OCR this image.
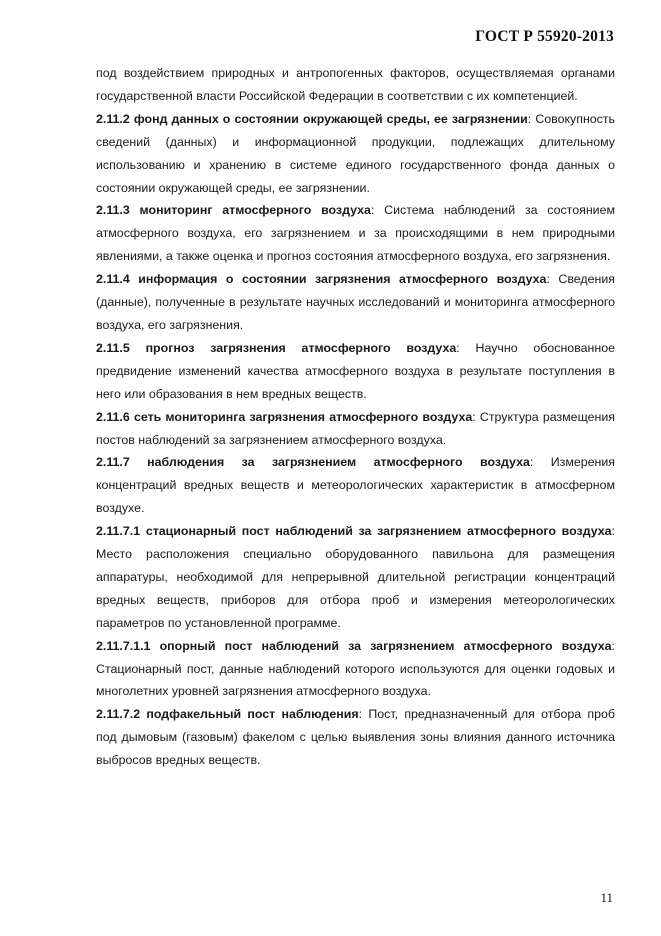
ГОСТ Р 55920-2013

под воздействием природных и антропогенных факторов, осуществляемая органами государственной власти Российской Федерации в соответствии с их компетенцией.

2.11.2 фонд данных о состоянии окружающей среды, ее загрязнении: Совокупность сведений (данных) и информационной продукции, подлежащих длительному использованию и хранению в системе единого государственного фонда данных о состоянии окружающей среды, ее загрязнении.

2.11.3 мониторинг атмосферного воздуха: Система наблюдений за состоянием атмосферного воздуха, его загрязнением и за происходящими в нем природными явлениями, а также оценка и прогноз состояния атмосферного воздуха, его загрязнения.

2.11.4 информация о состоянии загрязнения атмосферного воздуха: Сведения (данные), полученные в результате научных исследований и мониторинга атмосферного воздуха, его загрязнения.

2.11.5 прогноз загрязнения атмосферного воздуха: Научно обоснованное предвидение изменений качества атмосферного воздуха в результате поступления в него или образования в нем вредных веществ.

2.11.6 сеть мониторинга загрязнения атмосферного воздуха: Структура размещения постов наблюдений за загрязнением атмосферного воздуха.

2.11.7 наблюдения за загрязнением атмосферного воздуха: Измерения концентраций вредных веществ и метеорологических характеристик в атмосферном воздухе.

2.11.7.1 стационарный пост наблюдений за загрязнением атмосферного воздуха: Место расположения специально оборудованного павильона для размещения аппаратуры, необходимой для непрерывной длительной регистрации концентраций вредных веществ, приборов для отбора проб и измерения метеорологических параметров по установленной программе.

2.11.7.1.1 опорный пост наблюдений за загрязнением атмосферного воздуха: Стационарный пост, данные наблюдений которого используются для оценки годовых и многолетних уровней загрязнения атмосферного воздуха.

2.11.7.2 подфакельный пост наблюдения: Пост, предназначенный для отбора проб под дымовым (газовым) факелом с целью выявления зоны влияния данного источника выбросов вредных веществ.

11
